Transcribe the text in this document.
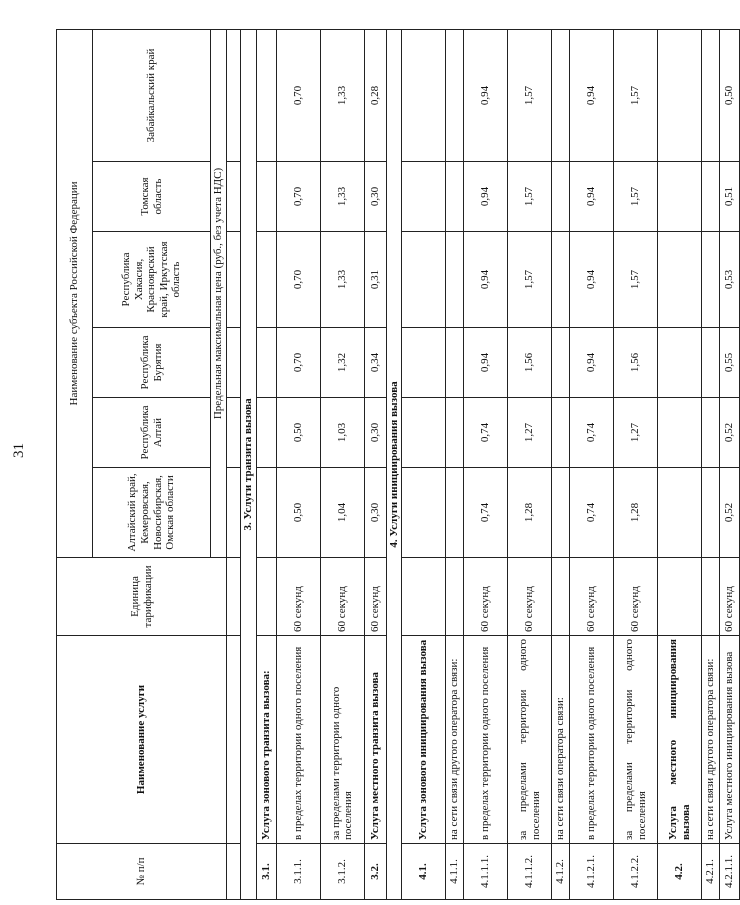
31
№ п/п	Наименование услуги	Единица тарификации	Наименование субъекта Российской Федерации					
			Алтайский край, Кемеровская, Новосибирская, Омская области	Республика Алтай	Республика Бурятия	Республика Хакасия, Красноярский край, Иркутская область	Томская область	Забайкальский край
			Предельная максимальная цена (руб., без учета НДС)					

3. Услуги транзита вызова								
3.1.	Услуга зонового транзита вызова:							
3.1.1.	в пределах территории одного поселения	60 секунд	0,50	0,50	0,70	0,70	0,70	0,70
3.1.2.	за пределами территории одного поселения	60 секунд	1,04	1,03	1,32	1,33	1,33	1,33
3.2.	Услуга местного транзита вызова	60 секунд	0,30	0,30	0,34	0,31	0,30	0,28
4. Услуги инициирования вызова								
4.1.	Услуга зонового инициирования вызова							
4.1.1.	на сети связи другого оператора связи:							
4.1.1.1.	в пределах территории одного поселения	60 секунд	0,74	0,74	0,94	0,94	0,94	0,94
4.1.1.2.	за пределами территории одного поселения	60 секунд	1,28	1,27	1,56	1,57	1,57	1,57
4.1.2.	на сети связи оператора связи:							
4.1.2.1.	в пределах территории одного поселения	60 секунд	0,74	0,74	0,94	0,94	0,94	0,94
4.1.2.2.	за пределами территории одного поселения	60 секунд	1,28	1,27	1,56	1,57	1,57	1,57
4.2.	Услуга местного инициирования вызова							
4.2.1.	на сети связи другого оператора связи:							
4.2.1.1.	Услуга местного инициирования вызова	60 секунд	0,52	0,52	0,55	0,53	0,51	0,50
